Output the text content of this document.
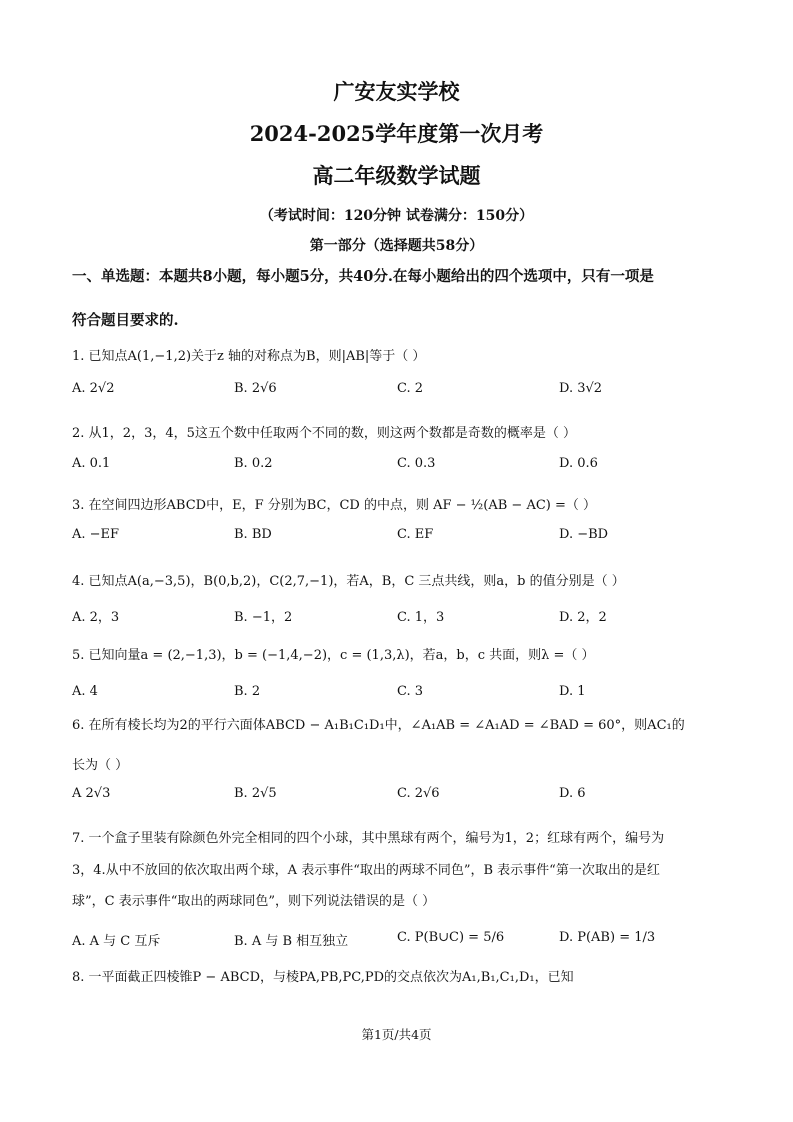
广安友实学校
2024-2025学年度第一次月考
高二年级数学试题
（考试时间：120分钟 试卷满分：150分）
第一部分（选择题共58分）
一、单选题：本题共8小题，每小题5分，共40分.在每小题给出的四个选项中，只有一项是
符合题目要求的.
1. 已知点A(1,−1,2)关于z 轴的对称点为B，则|AB|等于（ ）
A. 2√2	B. 2√6	C. 2	D. 3√2
2. 从1，2，3，4，5这五个数中任取两个不同的数，则这两个数都是奇数的概率是（ ）
A. 0.1	B. 0.2	C. 0.3	D. 0.6
3. 在空间四边形ABCD中，E，F 分别为BC，CD 的中点，则 AF − ½(AB − AC) =（ ）
A. −EF	B. BD	C. EF	D. −BD
4. 已知点A(a,−3,5)，B(0,b,2)，C(2,7,−1)，若A，B，C 三点共线，则a，b 的值分别是（ ）
A. 2，3	B. −1，2	C. 1，3	D. 2，2
5. 已知向量a = (2,−1,3)，b = (−1,4,−2)，c = (1,3,λ)，若a，b，c 共面，则λ =（ ）
A. 4	B. 2	C. 3	D. 1
6. 在所有棱长均为2的平行六面体ABCD − A₁B₁C₁D₁中，∠A₁AB = ∠A₁AD = ∠BAD = 60°，则AC₁的
长为（ ）
A 2√3	B. 2√5	C. 2√6	D. 6
7. 一个盒子里装有除颜色外完全相同的四个小球，其中黑球有两个，编号为1，2；红球有两个，编号为
3，4.从中不放回的依次取出两个球，A 表示事件“取出的两球不同色”，B 表示事件“第一次取出的是红
球”，C 表示事件“取出的两球同色”，则下列说法错误的是（ ）
A. A 与 C 互斥	B. A 与 B 相互独立	C. P(B∪C) = 5/6	D. P(AB) = 1/3
8. 一平面截正四棱锥P − ABCD，与棱PA,PB,PC,PD的交点依次为A₁,B₁,C₁,D₁，已知
第1页/共4页
